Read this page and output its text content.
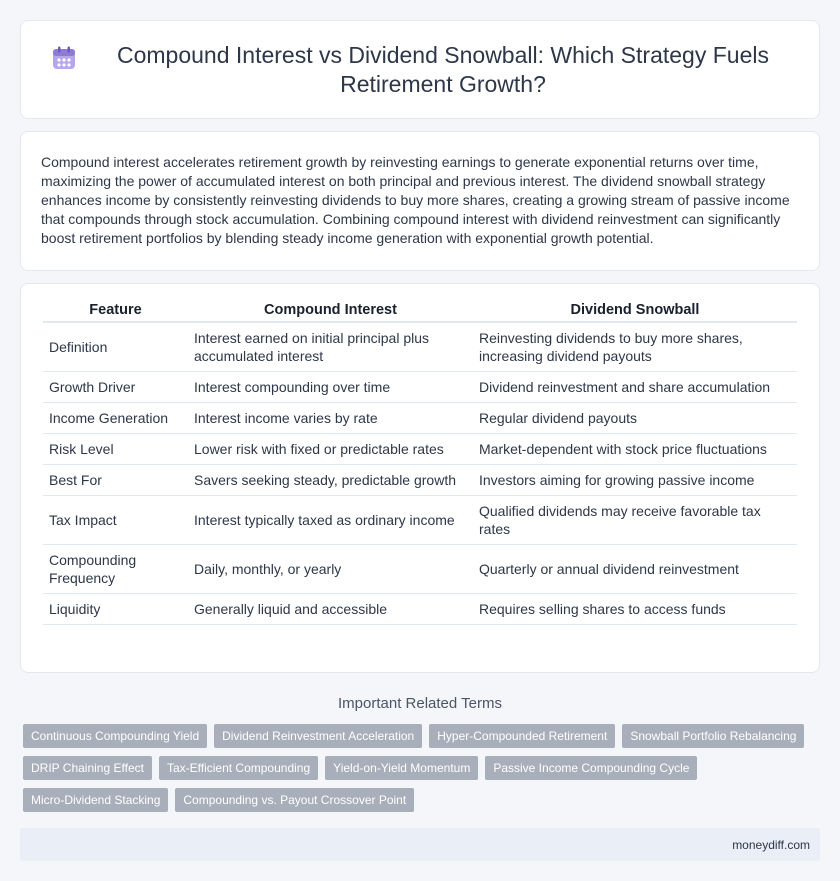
Compound Interest vs Dividend Snowball: Which Strategy Fuels Retirement Growth?

Compound interest accelerates retirement growth by reinvesting earnings to generate exponential returns over time, maximizing the power of accumulated interest on both principal and previous interest. The dividend snowball strategy enhances income by consistently reinvesting dividends to buy more shares, creating a growing stream of passive income that compounds through stock accumulation. Combining compound interest with dividend reinvestment can significantly boost retirement portfolios by blending steady income generation with exponential growth potential.

Feature	Compound Interest	Dividend Snowball
Definition	Interest earned on initial principal plus accumulated interest	Reinvesting dividends to buy more shares, increasing dividend payouts
Growth Driver	Interest compounding over time	Dividend reinvestment and share accumulation
Income Generation	Interest income varies by rate	Regular dividend payouts
Risk Level	Lower risk with fixed or predictable rates	Market-dependent with stock price fluctuations
Best For	Savers seeking steady, predictable growth	Investors aiming for growing passive income
Tax Impact	Interest typically taxed as ordinary income	Qualified dividends may receive favorable tax rates
Compounding Frequency	Daily, monthly, or yearly	Quarterly or annual dividend reinvestment
Liquidity	Generally liquid and accessible	Requires selling shares to access funds
Important Related Terms
Continuous Compounding Yield	Dividend Reinvestment Acceleration	Hyper-Compounded Retirement	Snowball Portfolio Rebalancing
DRIP Chaining Effect	Tax-Efficient Compounding	Yield-on-Yield Momentum	Passive Income Compounding Cycle
Micro-Dividend Stacking	Compounding vs. Payout Crossover Point
moneydiff.com
